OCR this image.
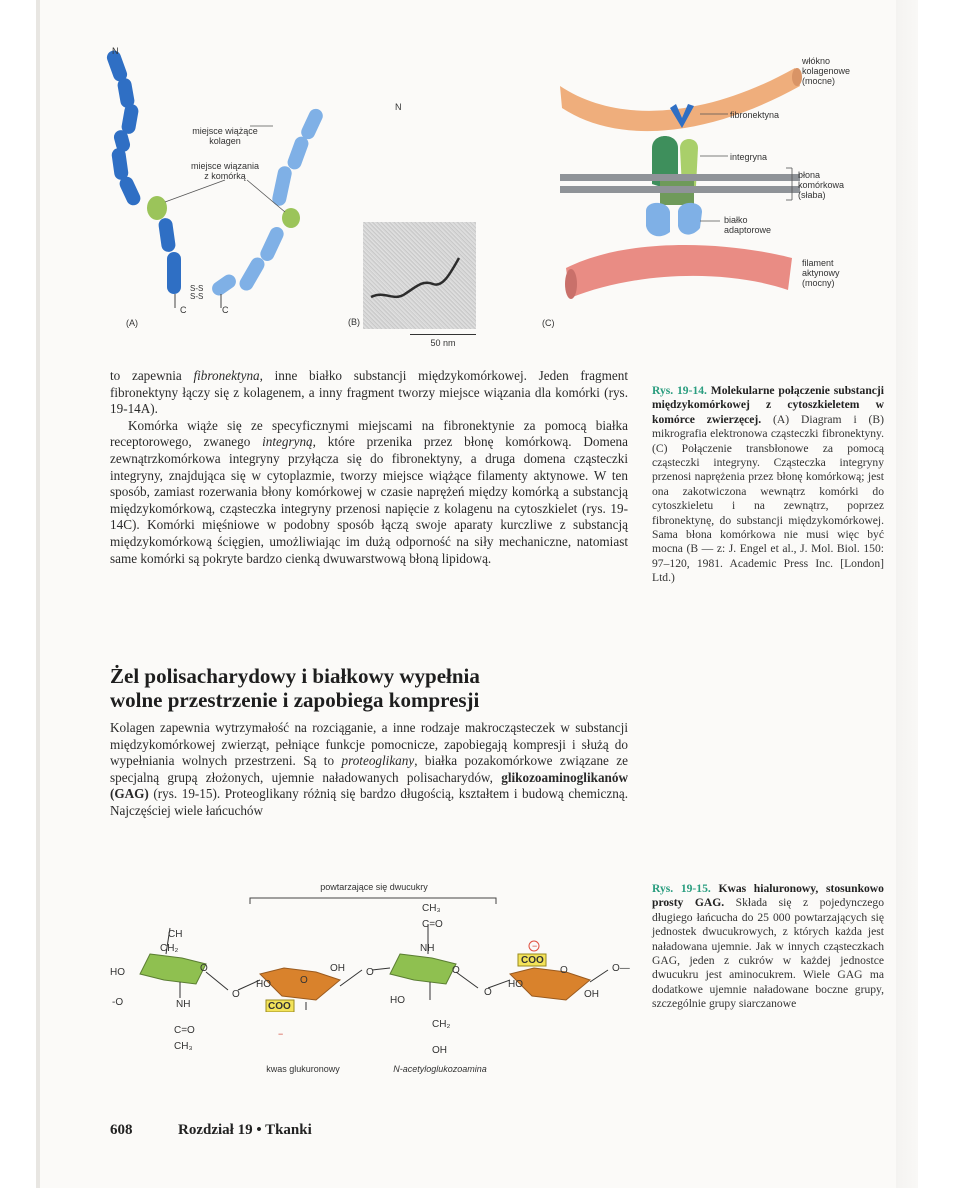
N
N
miejsce wiążące
kolagen
miejsce wiązania
z komórką
S-S
S-S
C	C
(A)	(B)
50 nm
włókno
kolagenowe
(mocne)
fibronektyna
integryna
błona
komórkowa
(słaba)
białko
adaptorowe
filament
aktynowy
(mocny)
(C)

to zapewnia fibronektyna, inne białko substancji międzykomórkowej. Jeden fragment fibronektyny łączy się z kolagenem, a inny fragment tworzy miejsce wiązania dla komórki (rys. 19-14A).

Komórka wiąże się ze specyficznymi miejscami na fibronektynie za pomocą białka receptorowego, zwanego integryną, które przenika przez błonę komórkową. Domena zewnątrzkomórkowa integryny przyłącza się do fibronektyny, a druga domena cząsteczki integryny, znajdująca się w cytoplazmie, tworzy miejsce wiążące filamenty aktynowe. W ten sposób, zamiast rozerwania błony komórkowej w czasie naprężeń między komórką a substancją międzykomórkową, cząsteczka integryny przenosi napięcie z kolagenu na cytoszkielet (rys. 19-14C). Komórki mięśniowe w podobny sposób łączą swoje aparaty kurczliwe z substancją międzykomórkową ścięgien, umożliwiając im dużą odporność na siły mechaniczne, natomiast same komórki są pokryte bardzo cienką dwuwarstwową błoną lipidową.

Rys. 19-14. Molekularne połączenie substancji międzykomórkowej z cytoszkieletem w komórce zwierzęcej. (A) Diagram i (B) mikrografia elektronowa cząsteczki fibronektyny. (C) Połączenie transbłonowe za pomocą cząsteczki integryny. Cząsteczka integryny przenosi naprężenia przez błonę komórkową; jest ona zakotwiczona wewnątrz komórki do cytoszkieletu i na zewnątrz, poprzez fibronektynę, do substancji międzykomórkowej. Sama błona komórkowa nie musi więc być mocna (B — z: J. Engel et al., J. Mol. Biol. 150: 97–120, 1981. Academic Press Inc. [London] Ltd.)
Żel polisacharydowy i białkowy wypełnia
wolne przestrzenie i zapobiega kompresji

Kolagen zapewnia wytrzymałość na rozciąganie, a inne rodzaje makrocząsteczek w substancji międzykomórkowej zwierząt, pełniące funkcje pomocnicze, zapobiegają kompresji i służą do wypełniania wolnych przestrzeni. Są to proteoglikany, białka pozakomórkowe związane ze specjalną grupą złożonych, ujemnie naładowanych polisacharydów, glikozoaminoglikanów (GAG) (rys. 19-15). Proteoglikany różnią się bardzo długością, kształtem i budową chemiczną. Najczęściej wiele łańcuchów

powtarzające się dwucukry
CH
CH₂
HO
-O
O
NH
C=O
CH₃
O
HO
OH
O
COO
−
O
CH₃
C=O
NH
HO
CH₂
OH
O
O
COO
−
HO
OH
O	O—
kwas glukuronowy	N-acetyloglukozoamina
Rys. 19-15. Kwas hialuronowy, stosunkowo prosty GAG. Składa się z pojedynczego długiego łańcucha do 25 000 powtarzających się jednostek dwucukrowych, z których każda jest naładowana ujemnie. Jak w innych cząsteczkach GAG, jeden z cukrów w każdej jednostce dwucukru jest aminocukrem. Wiele GAG ma dodatkowe ujemnie naładowane boczne grupy, szczególnie grupy siarczanowe
608	Rozdział 19 • Tkanki
